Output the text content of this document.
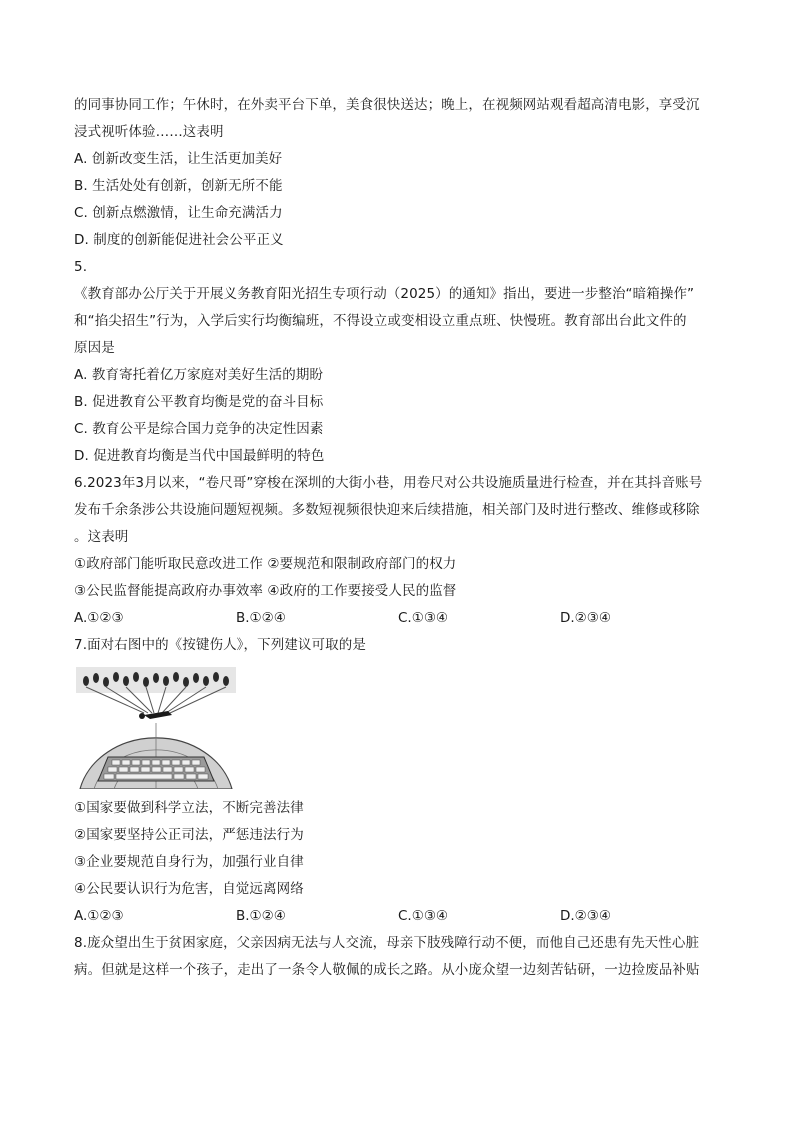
的同事协同工作；午休时，在外卖平台下单，美食很快送达；晚上，在视频网站观看超高清电影，享受沉
浸式视听体验……这表明
A. 创新改变生活，让生活更加美好
B. 生活处处有创新，创新无所不能
C. 创新点燃激情，让生命充满活力
D. 制度的创新能促进社会公平正义
5.
《教育部办公厅关于开展义务教育阳光招生专项行动（2025）的通知》指出，要进一步整治“暗箱操作”
和“掐尖招生”行为，入学后实行均衡编班，不得设立或变相设立重点班、快慢班。教育部出台此文件的
原因是
A. 教育寄托着亿万家庭对美好生活的期盼
B. 促进教育公平教育均衡是党的奋斗目标
C. 教育公平是综合国力竞争的决定性因素
D. 促进教育均衡是当代中国最鲜明的特色
6.2023年3月以来，“卷尺哥”穿梭在深圳的大街小巷，用卷尺对公共设施质量进行检查，并在其抖音账号
发布千余条涉公共设施问题短视频。多数短视频很快迎来后续措施，相关部门及时进行整改、维修或移除
。这表明
①政府部门能听取民意改进工作 ②要规范和限制政府部门的权力
③公民监督能提高政府办事效率 ④政府的工作要接受人民的监督
A.①②③	B.①②④	C.①③④	D.②③④
7.面对右图中的《按键伤人》，下列建议可取的是
①国家要做到科学立法，不断完善法律
②国家要坚持公正司法，严惩违法行为
③企业要规范自身行为，加强行业自律
④公民要认识行为危害，自觉远离网络
A.①②③	B.①②④	C.①③④	D.②③④
8.庞众望出生于贫困家庭，父亲因病无法与人交流，母亲下肢残障行动不便，而他自己还患有先天性心脏
病。但就是这样一个孩子，走出了一条令人敬佩的成长之路。从小庞众望一边刻苦钻研，一边捡废品补贴
